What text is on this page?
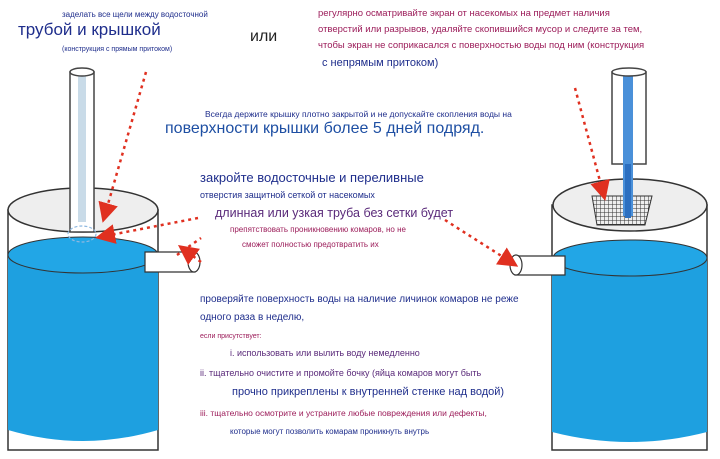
заделать все щели между водосточной
трубой и крышкой
(конструкция с прямым притоком)
или
регулярно осматривайте экран от насекомых на предмет наличия
отверстий или разрывов, удаляйте скопившийся мусор и следите за тем,
чтобы экран не соприкасался с поверхностью воды под ним (конструкция
с непрямым притоком)
Всегда держите крышку плотно закрытой и не допускайте скопления воды на
поверхности крышки более 5 дней подряд.
закройте водосточные и переливные
отверстия защитной сеткой от насекомых
длинная или узкая труба без сетки будет
препятствовать проникновению комаров, но не
сможет полностью предотвратить их
проверяйте поверхность воды на наличие личинок комаров не реже
одного раза в неделю,
если присутствует:
i. использовать или вылить воду немедленно
ii. тщательно очистите и промойте бочку (яйца комаров могут быть
прочно прикреплены к внутренней стенке над водой)
iii. тщательно осмотрите и устраните любые повреждения или дефекты,
которые могут позволить комарам проникнуть внутрь
